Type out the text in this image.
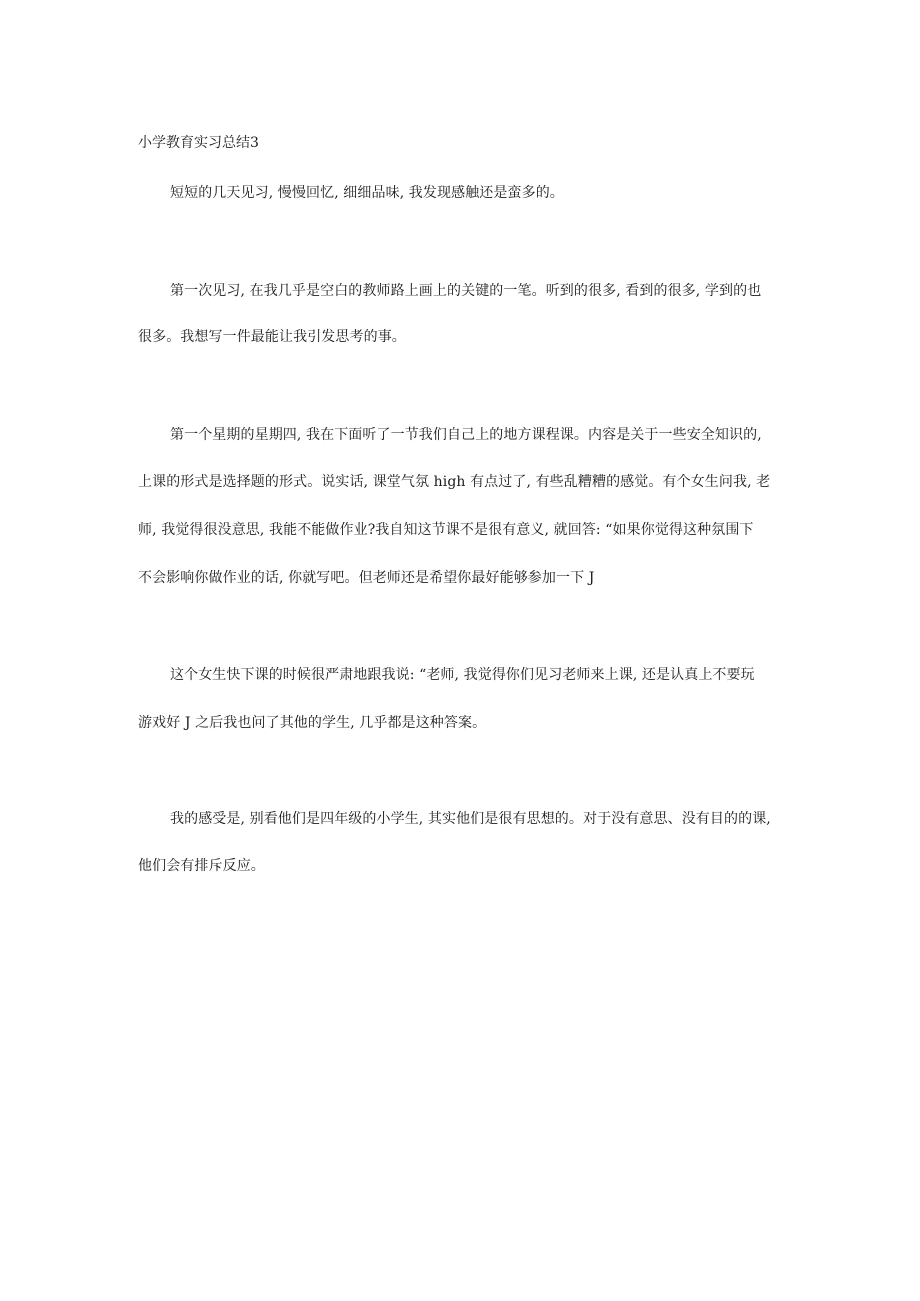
小学教育实习总结3

短短的几天见习, 慢慢回忆, 细细品味, 我发现感触还是蛮多的。

第一次见习, 在我几乎是空白的教师路上画上的关键的一笔。听到的很多, 看到的很多, 学到的也

很多。我想写一件最能让我引发思考的事。

第一个星期的星期四, 我在下面听了一节我们自己上的地方课程课。内容是关于一些安全知识的,

上课的形式是选择题的形式。说实话, 课堂气氛 high 有点过了, 有些乱糟糟的感觉。有个女生问我, 老

师, 我觉得很没意思, 我能不能做作业?我自知这节课不是很有意义, 就回答: “如果你觉得这种氛围下

不会影响你做作业的话, 你就写吧。但老师还是希望你最好能够参加一下 J

这个女生快下课的时候很严肃地跟我说: “老师, 我觉得你们见习老师来上课, 还是认真上不要玩

游戏好 J 之后我也问了其他的学生, 几乎都是这种答案。

我的感受是, 别看他们是四年级的小学生, 其实他们是很有思想的。对于没有意思、没有目的的课,

他们会有排斥反应。
